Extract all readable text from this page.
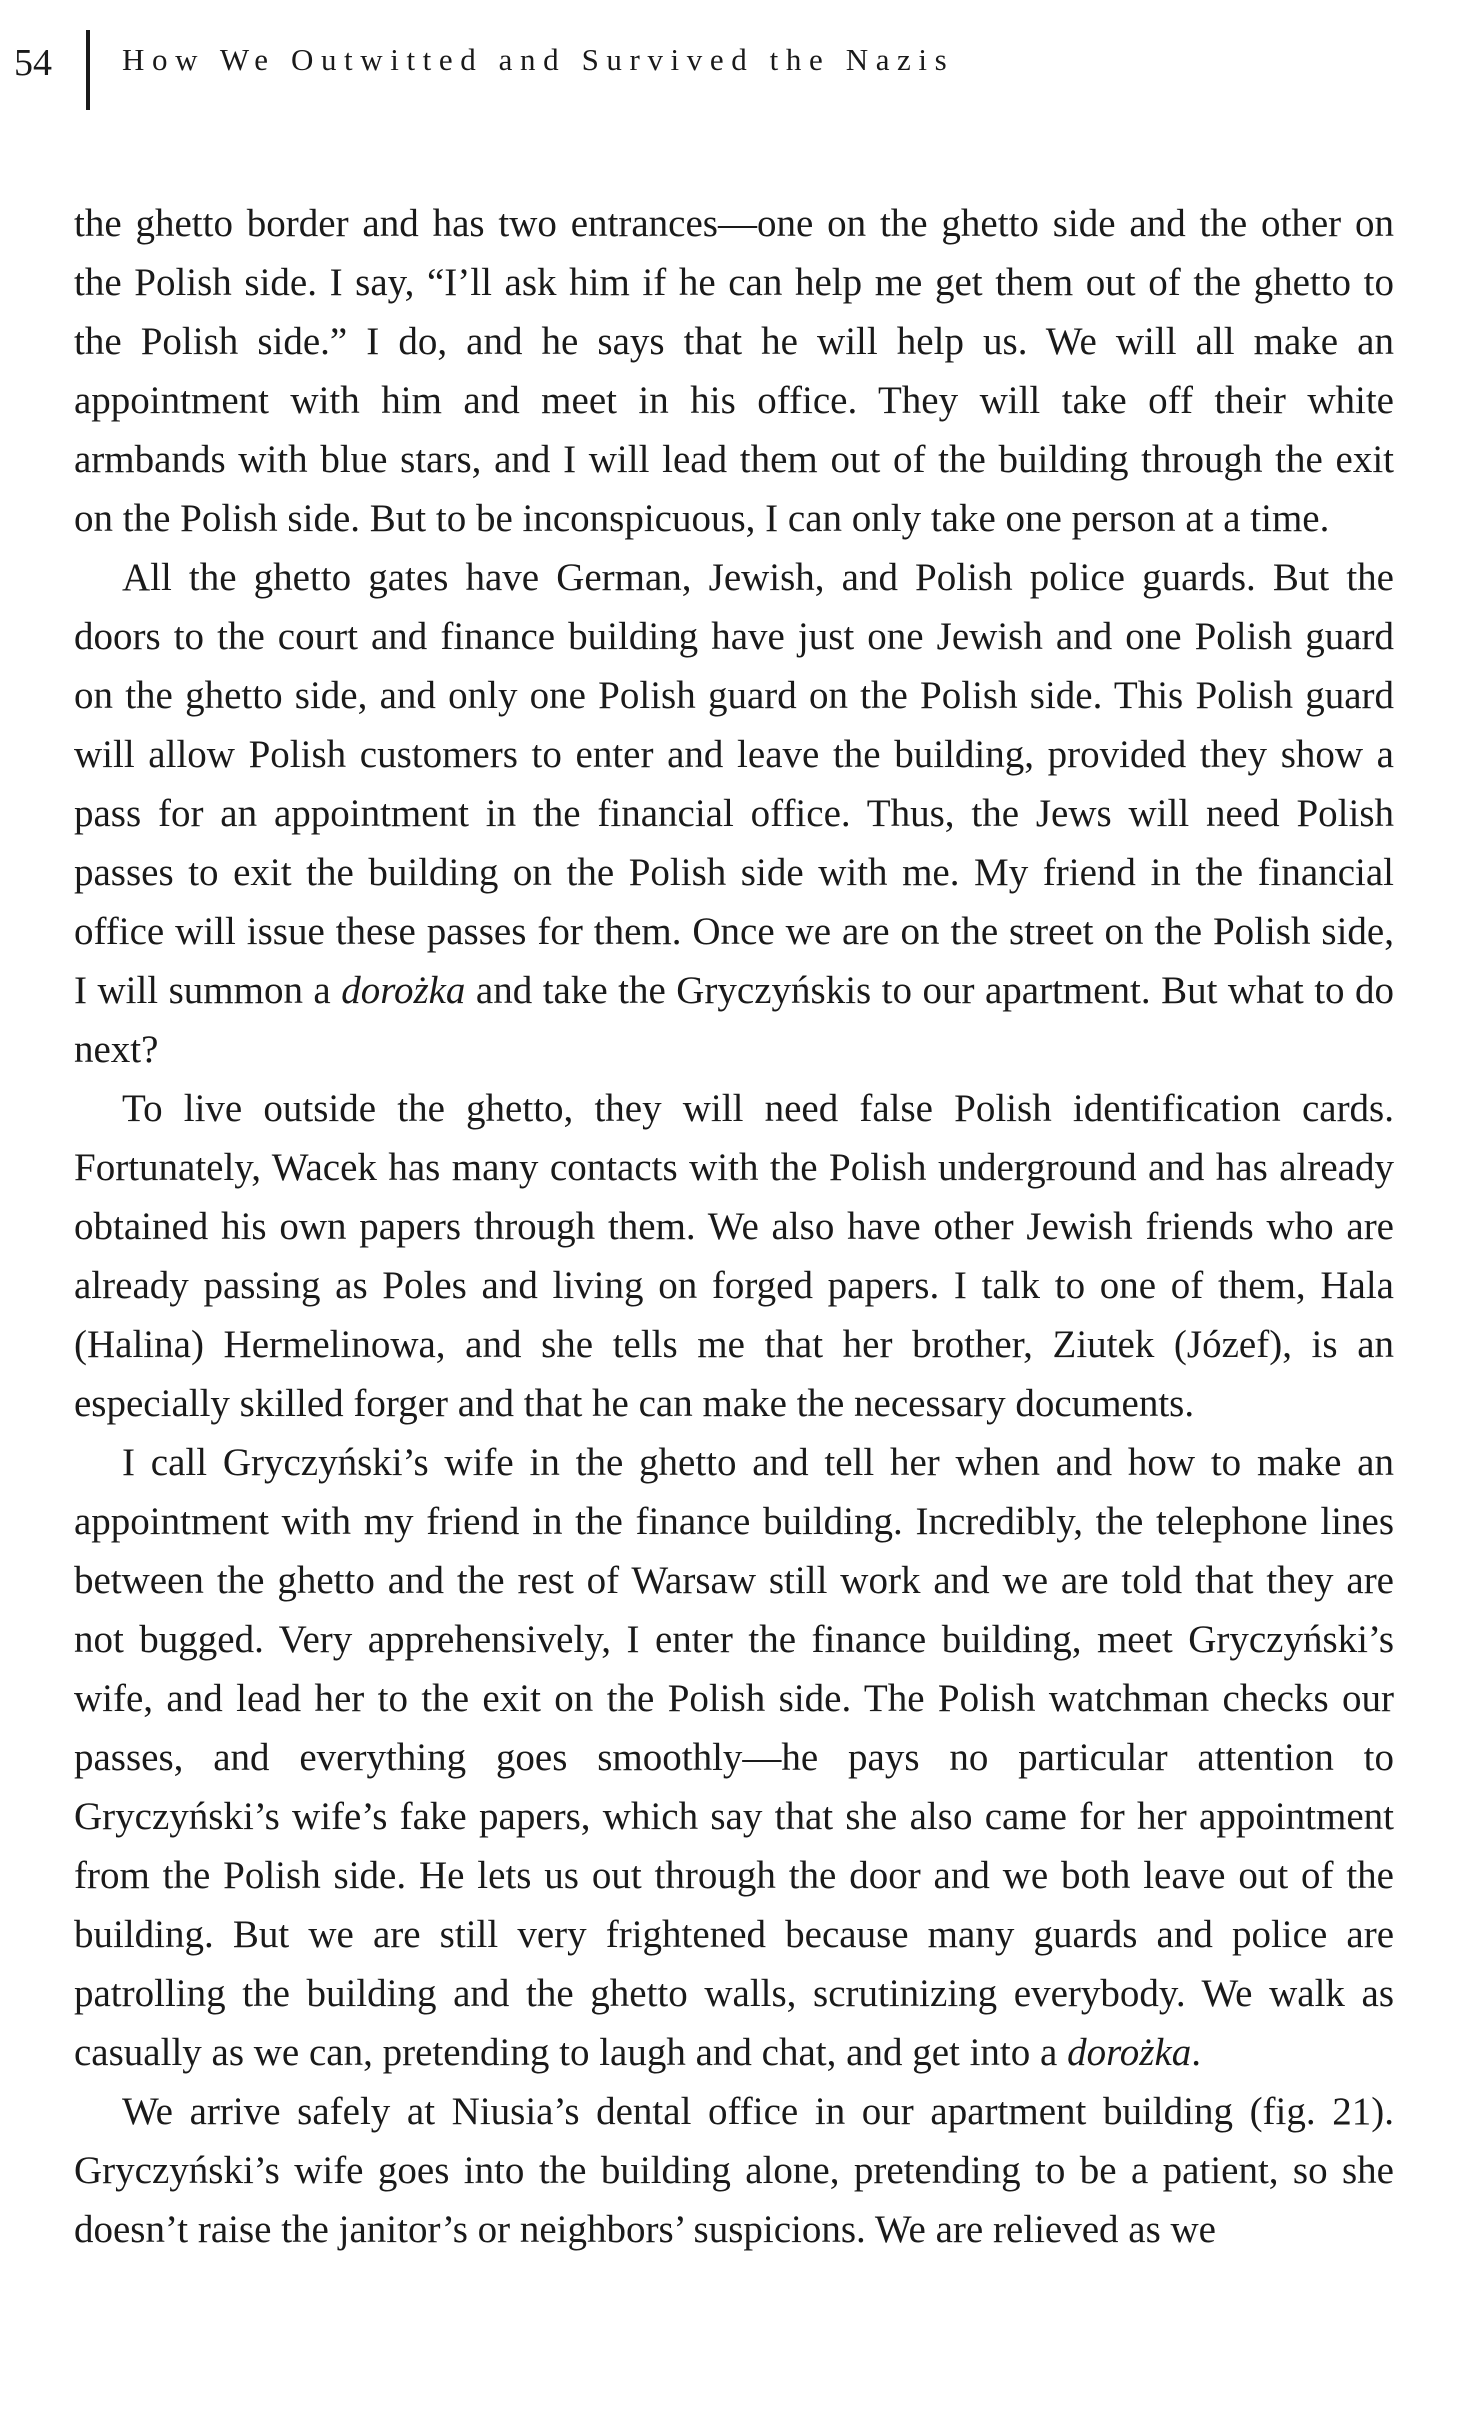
54	How We Outwitted and Survived the Nazis

the ghetto border and has two entrances—one on the ghetto side and the other on the Polish side. I say, “I’ll ask him if he can help me get them out of the ghetto to the Polish side.” I do, and he says that he will help us. We will all make an appointment with him and meet in his office. They will take off their white armbands with blue stars, and I will lead them out of the building through the exit on the Polish side. But to be inconspicuous, I can only take one person at a time.

All the ghetto gates have German, Jewish, and Polish police guards. But the doors to the court and finance building have just one Jewish and one Polish guard on the ghetto side, and only one Polish guard on the Polish side. This Polish guard will allow Polish customers to enter and leave the building, provided they show a pass for an appointment in the financial office. Thus, the Jews will need Polish passes to exit the building on the Polish side with me. My friend in the financial office will issue these passes for them. Once we are on the street on the Polish side, I will summon a dorożka and take the Gryczyńskis to our apartment. But what to do next?

To live outside the ghetto, they will need false Polish identification cards. Fortunately, Wacek has many contacts with the Polish underground and has already obtained his own papers through them. We also have other Jewish friends who are already passing as Poles and living on forged papers. I talk to one of them, Hala (Halina) Hermelinowa, and she tells me that her brother, Ziutek (Józef), is an especially skilled forger and that he can make the necessary documents.

I call Gryczyński’s wife in the ghetto and tell her when and how to make an appointment with my friend in the finance building. Incredibly, the telephone lines between the ghetto and the rest of Warsaw still work and we are told that they are not bugged. Very apprehensively, I enter the finance building, meet Gryczyński’s wife, and lead her to the exit on the Polish side. The Polish watchman checks our passes, and everything goes smoothly—he pays no particular attention to Gryczyński’s wife’s fake papers, which say that she also came for her appointment from the Polish side. He lets us out through the door and we both leave out of the building. But we are still very frightened because many guards and police are patrolling the building and the ghetto walls, scrutinizing everybody. We walk as casually as we can, pretending to laugh and chat, and get into a dorożka.

We arrive safely at Niusia’s dental office in our apartment building (fig. 21). Gryczyński’s wife goes into the building alone, pretending to be a patient, so she doesn’t raise the janitor’s or neighbors’ suspicions. We are relieved as we
